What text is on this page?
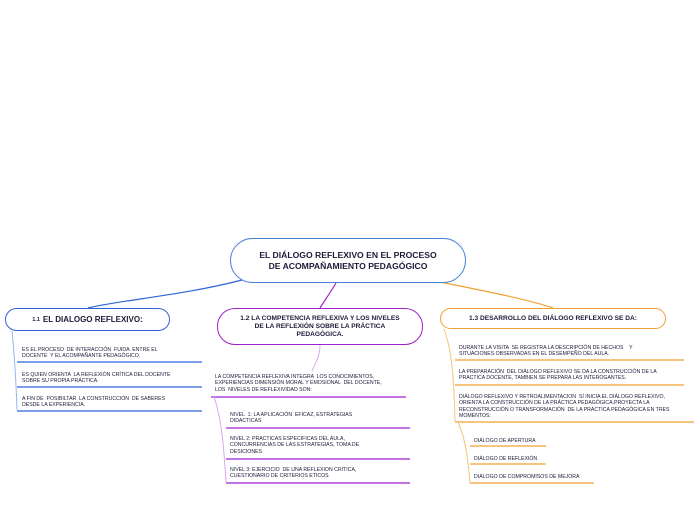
EL DIÁLOGO REFLEXIVO EN EL PROCESO DE ACOMPAÑAMIENTO PEDAGÓGICO
1.1 EL DIALOGO REFLEXIVO:
ES EL PROCESO  DE INTERACCIÓN  FUIDA  ENTRE EL
DOCENTE  Y EL ACOMPAÑANTE PEDAGÓGICO.
ES QUIEN ORIENTA  LA REFLEXIÓN CRÍTICA DEL DOCENTE
SOBRE SU PROPIA PRÁCTICA.
A FIN DE  POSIBILTAR  LA CONSTRUCCIÓN  DE SABERES
DESDE LA EXPERIENCIA.
1.2 LA COMPETENCIA REFLEXIVA Y LOS NIVELES DE LA REFLEXIÓN SOBRE LA PRÁCTICA PEDAGÓGICA.
LA COMPETENCIA REFLEXIVA INTEGRA  LOS CONOCIMIENTOS,
EXPERIENCIAS DIMENSIÓN MORAL Y EMOSIONAL  DEL DOCENTE,
LOS  NIVELES DE REFLEXIVIDAD SON:
NIVEL  1: LA APLICACIÓN  EFICAZ, ESTRATEGIAS
DIDACTICAS
NIVEL 2: PRACTICAS ESPECIFICAS DEL AULA,
CONCURRENCIAS DE LAS ESTRATEGIAS, TOMA DE
DESICIONES
NIVEL 3: EJERCICIO  DE UNA REFLEXION CRITICA,
CUESTIONARIO DE CRITERIOS ETICOS
1.3 DESARROLLO DEL DIÁLOGO REFLEXIVO SE DA:
DURANTE LA VISITA  SE REGISTRA LA DESCRIPCIÓN DE HECHOS    Y
SITUACIONES OBSERVADAS EN EL DESEMPEÑO DEL AULA.
LA PREPARACIÓN  DEL DIÁLOGO REFLEXIVO SE DA LA CONSTRUCCIÓN DE LA
PRACTICA DOCENTE, TAMBIEN SE PREPARA LAS INTEROGANTES.
DIÁLOGO REFLEXIVO Y RETROALIMENTACION  SÍ INICIA EL DIÁLOGO REFLEXIVO,
ORIENTA LA CONSTRUCCIÓN DE LA PRÁCTICA PEDAGÓGICA,PROYECTA LA
RECONSTRUCCIÓN O TRANSFORMACIÓN  DE LA PRÁCTICA PEDAGÓGICA EN TRES
MOMENTOS:
DIÁLOGO DE APERTURA
DIÁLOGO DE REFLEXIÓN
DIÁLOGO DE COMPROMISOS DE MEJORA
